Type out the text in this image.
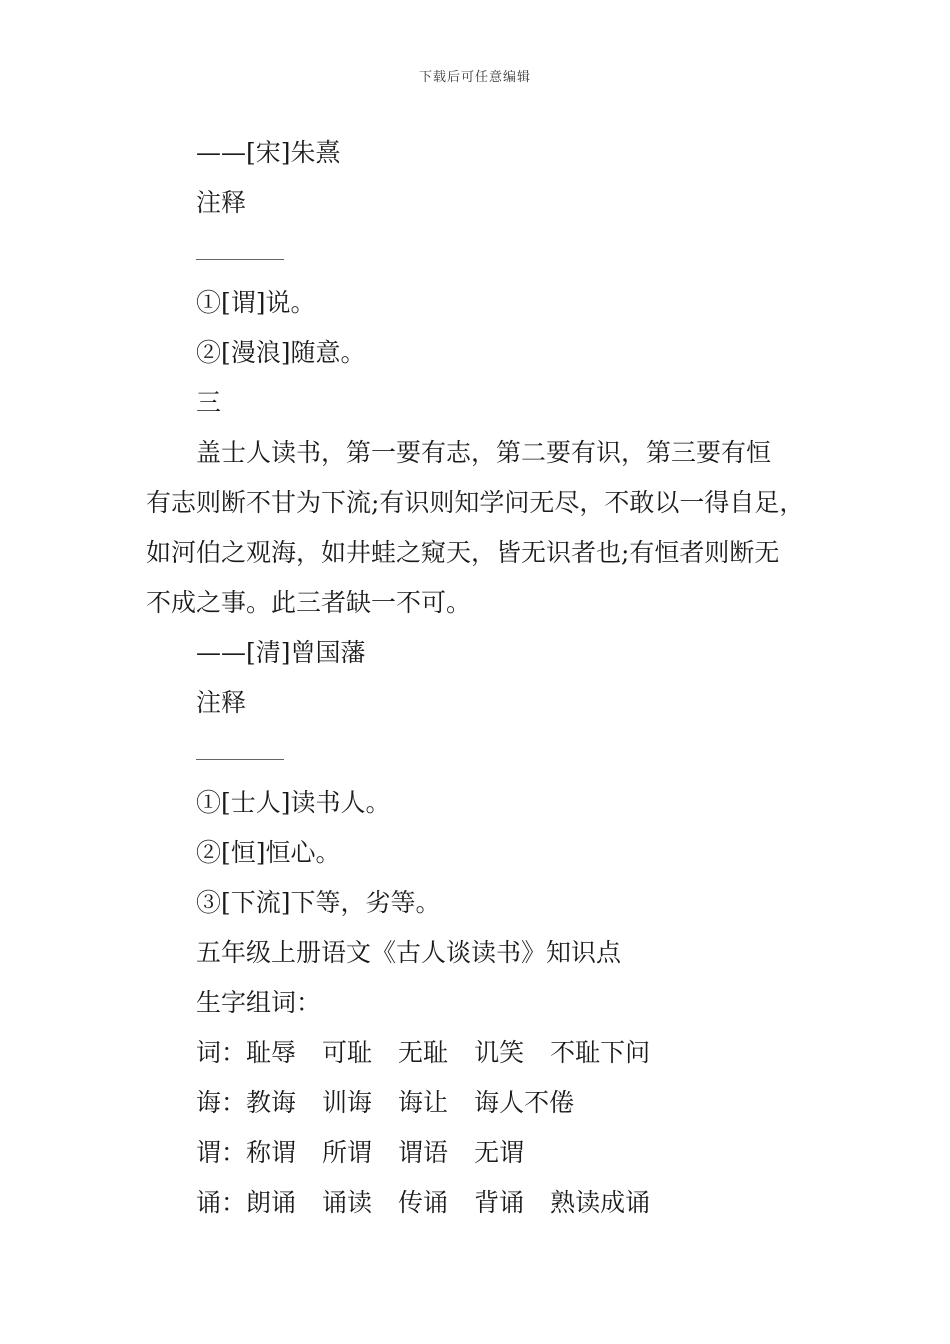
下载后可任意编辑
——[宋]朱熹
注释
①[谓]说。
②[漫浪]随意。
三
盖士人读书，第一要有志，第二要有识，第三要有恒
有志则断不甘为下流;有识则知学问无尽，不敢以一得自足，
如河伯之观海，如井蛙之窥天，皆无识者也;有恒者则断无
不成之事。此三者缺一不可。
——[清]曾国藩
注释
①[士人]读书人。
②[恒]恒心。
③[下流]下等，劣等。
五年级上册语文《古人谈读书》知识点
生字组词：
词：耻辱 可耻 无耻 讥笑 不耻下问
诲：教诲 训诲 诲让 诲人不倦
谓：称谓 所谓 谓语 无谓
诵：朗诵 诵读 传诵 背诵 熟读成诵
